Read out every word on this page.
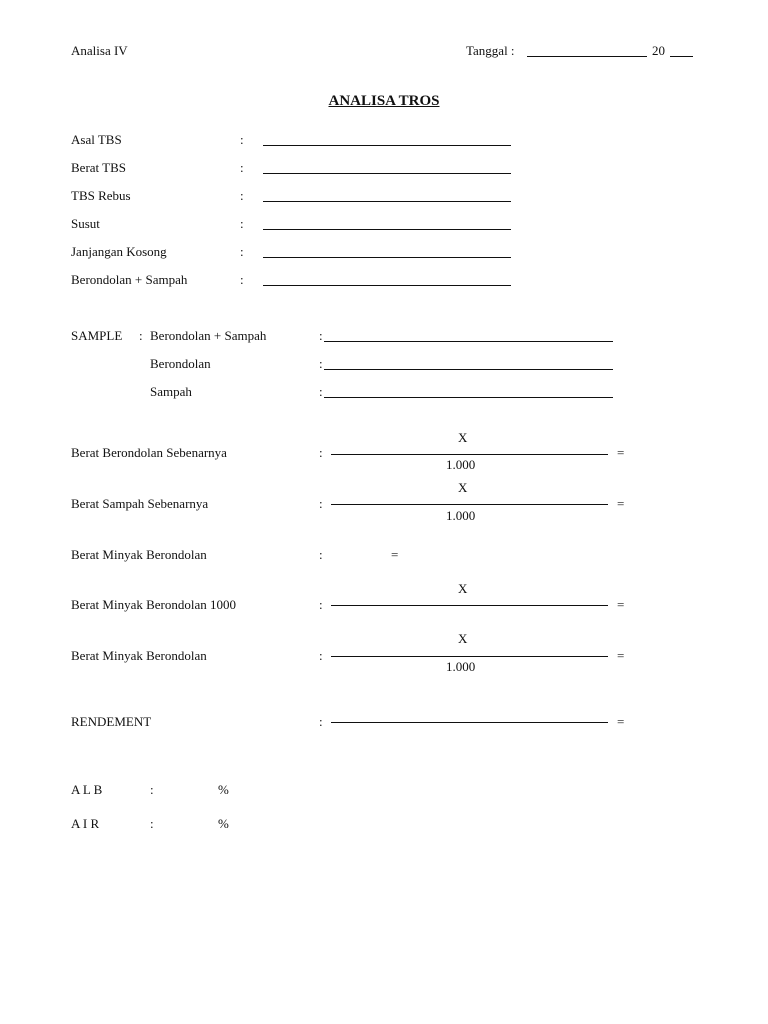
Analisa IV	Tanggal :	20
ANALISA TROS
Asal TBS	:
Berat TBS	:
TBS Rebus	:
Susut	:
Janjangan Kosong	:
Berondolan + Sampah	:
SAMPLE : Berondolan + Sampah	:
Berondolan	:
Sampah	:
Berat Berondolan Sebenarnya	:
X
1.000
=
Berat Sampah Sebenarnya	:
X
1.000
=
Berat Minyak Berondolan	:	=
Berat Minyak Berondolan 1000	:
X
=
Berat Minyak Berondolan	:
X
1.000
=
RENDEMENT	:	=
A L B	:	%
A I R	:	%
